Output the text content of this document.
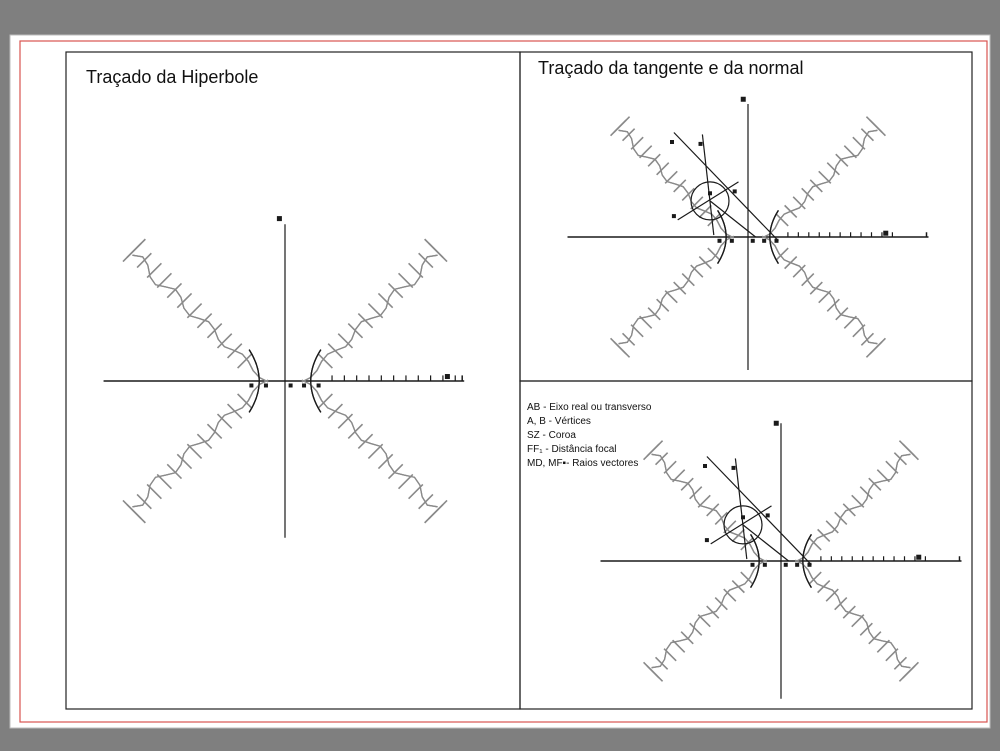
Traçado da Hiperbole	Traçado da tangente e da normal
AB - Eixo real ou transverso
A, B - Vértices
SZ - Coroa
FF₁ - Distância focal
MD, MF▪- Raios vectores
